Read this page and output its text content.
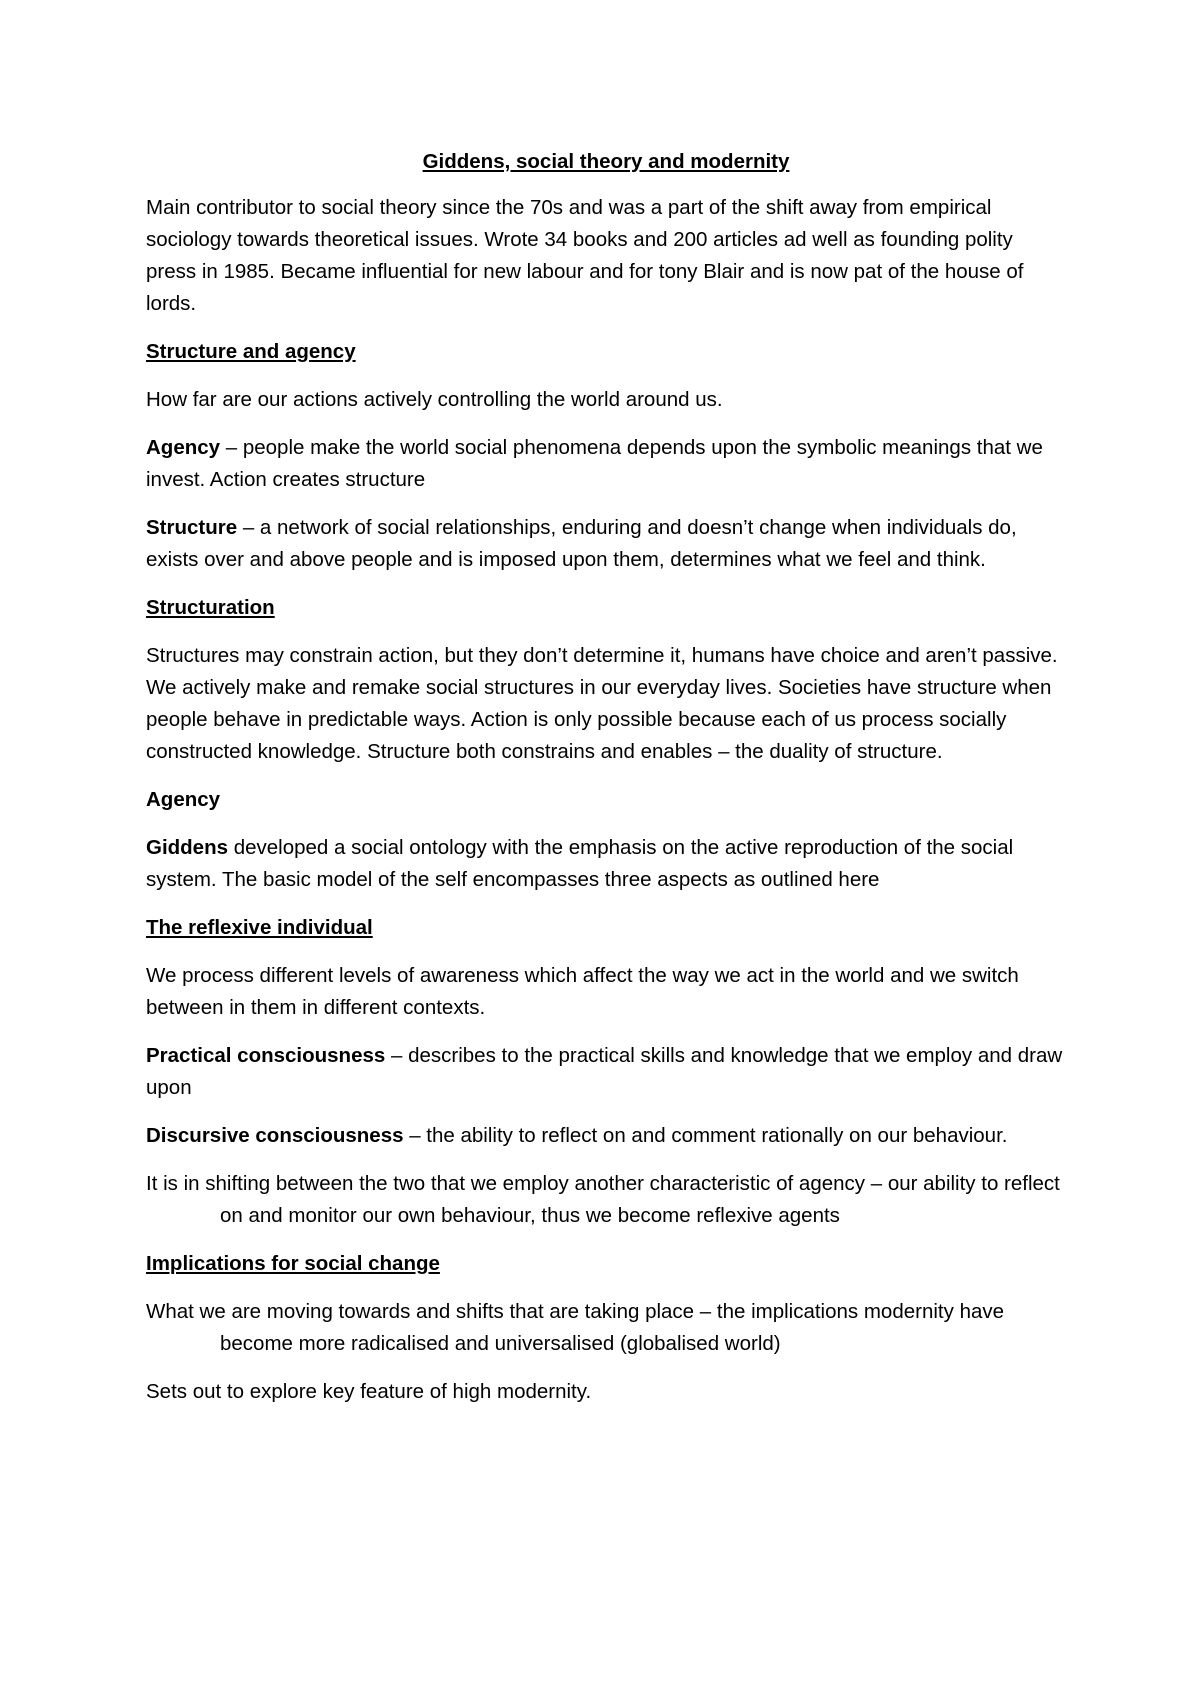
Giddens, social theory and modernity

Main contributor to social theory since the 70s and was a part of the shift away from empirical sociology towards theoretical issues. Wrote 34 books and 200 articles ad well as founding polity press in 1985. Became influential for new labour and for tony Blair and is now pat of the house of lords.

Structure and agency

How far are our actions actively controlling the world around us.

Agency – people make the world social phenomena depends upon the symbolic meanings that we invest. Action creates structure

Structure – a network of social relationships, enduring and doesn’t change when individuals do, exists over and above people and is imposed upon them, determines what we feel and think.

Structuration

Structures may constrain action, but they don’t determine it, humans have choice and aren’t passive. We actively make and remake social structures in our everyday lives. Societies have structure when people behave in predictable ways. Action is only possible because each of us process socially constructed knowledge. Structure both constrains and enables – the duality of structure.

Agency

Giddens developed a social ontology with the emphasis on the active reproduction of the social system. The basic model of the self encompasses three aspects as outlined here

The reflexive individual

We process different levels of awareness which affect the way we act in the world and we switch between in them in different contexts.

Practical consciousness – describes to the practical skills and knowledge that we employ and draw upon

Discursive consciousness – the ability to reflect on and comment rationally on our behaviour.

It is in shifting between the two that we employ another characteristic of agency – our ability to reflect on and monitor our own behaviour, thus we become reflexive agents

Implications for social change

What we are moving towards and shifts that are taking place – the implications modernity have become more radicalised and universalised (globalised world)

Sets out to explore key feature of high modernity.
